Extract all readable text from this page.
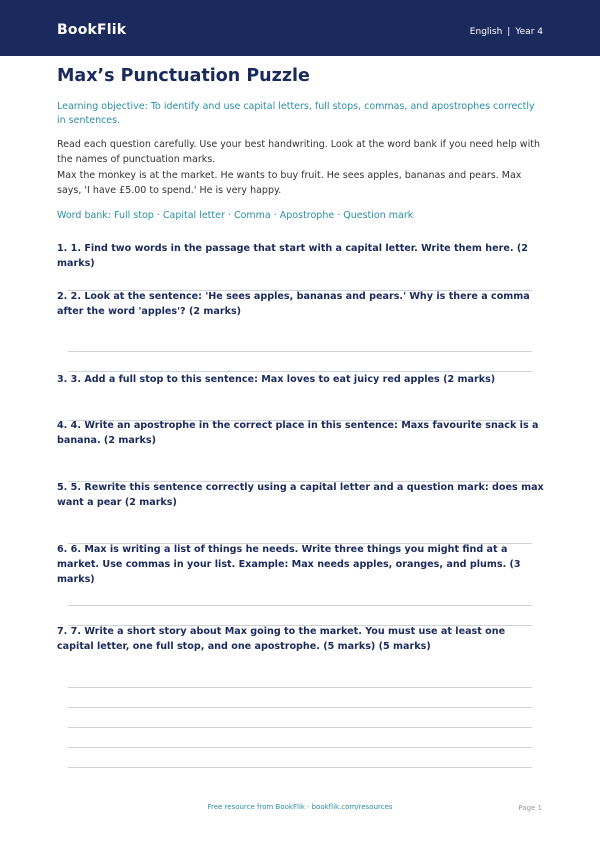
BookFlik	English | Year 4
Max’s Punctuation Puzzle

Learning objective: To identify and use capital letters, full stops, commas, and apostrophes correctly in sentences.

Read each question carefully. Use your best handwriting. Look at the word bank if you need help with the names of punctuation marks.

Max the monkey is at the market. He wants to buy fruit. He sees apples, bananas and pears. Max says, 'I have £5.00 to spend.' He is very happy.

Word bank: Full stop · Capital letter · Comma · Apostrophe · Question mark

1. 1. Find two words in the passage that start with a capital letter. Write them here. (2 marks)

2. 2. Look at the sentence: 'He sees apples, bananas and pears.' Why is there a comma after the word 'apples'? (2 marks)

3. 3. Add a full stop to this sentence: Max loves to eat juicy red apples (2 marks)

4. 4. Write an apostrophe in the correct place in this sentence: Maxs favourite snack is a banana. (2 marks)

5. 5. Rewrite this sentence correctly using a capital letter and a question mark: does max want a pear (2 marks)

6. 6. Max is writing a list of things he needs. Write three things you might find at a market. Use commas in your list. Example: Max needs apples, oranges, and plums. (3 marks)

7. 7. Write a short story about Max going to the market. You must use at least one capital letter, one full stop, and one apostrophe. (5 marks) (5 marks)

Free resource from BookFlik · bookflik.com/resources	Page 1
